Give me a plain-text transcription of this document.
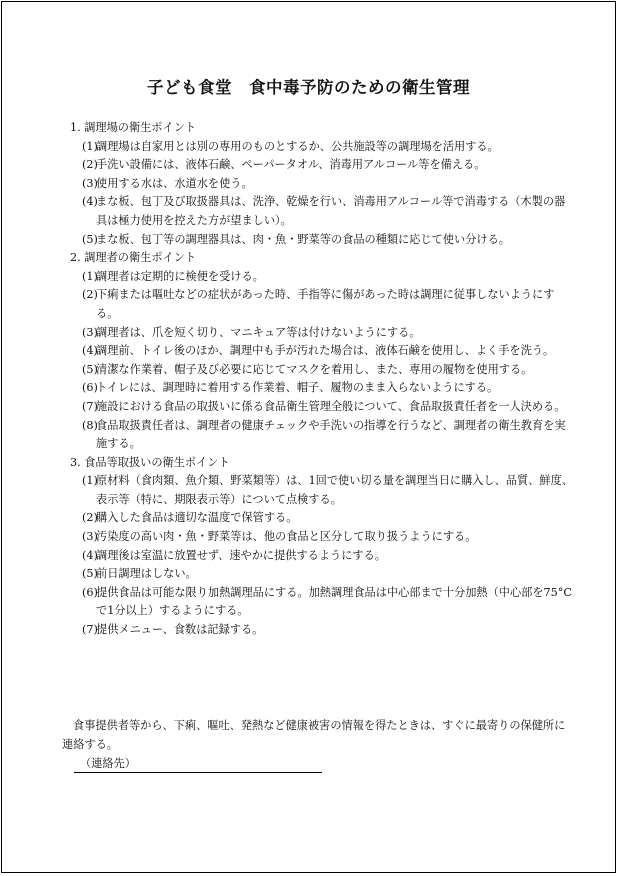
子ども食堂　食中毒予防のための衛生管理
1. 調理場の衛生ポイント
(1)
調理場は自家用とは別の専用のものとするか、公共施設等の調理場を活用する。
(2)
手洗い設備には、液体石鹸、ペーパータオル、消毒用アルコール等を備える。
(3)
使用する水は、水道水を使う。
(4)
まな板、包丁及び取扱器具は、洗浄、乾燥を行い、消毒用アルコール等で消毒する（木製の器具は極力使用を控えた方が望ましい）。
(5)
まな板、包丁等の調理器具は、肉・魚・野菜等の食品の種類に応じて使い分ける。
2. 調理者の衛生ポイント
(1)
調理者は定期的に検便を受ける。
(2)
下痢または嘔吐などの症状があった時、手指等に傷があった時は調理に従事しないようにする。
(3)
調理者は、爪を短く切り、マニキュア等は付けないようにする。
(4)
調理前、トイレ後のほか、調理中も手が汚れた場合は、液体石鹸を使用し、よく手を洗う。
(5)
清潔な作業着、帽子及び必要に応じてマスクを着用し、また、専用の履物を使用する。
(6)
トイレには、調理時に着用する作業着、帽子、履物のまま入らないようにする。
(7)
施設における食品の取扱いに係る食品衛生管理全般について、食品取扱責任者を一人決める。
(8)
食品取扱責任者は、調理者の健康チェックや手洗いの指導を行うなど、調理者の衛生教育を実施する。
3. 食品等取扱いの衛生ポイント
(1)
原材料（食肉類、魚介類、野菜類等）は、1回で使い切る量を調理当日に購入し、品質、鮮度、表示等（特に、期限表示等）について点検する。
(2)
購入した食品は適切な温度で保管する。
(3)
汚染度の高い肉・魚・野菜等は、他の食品と区分して取り扱うようにする。
(4)
調理後は室温に放置せず、速やかに提供するようにする。
(5)
前日調理はしない。
(6)
提供食品は可能な限り加熱調理品にする。加熱調理食品は中心部まで十分加熱（中心部を75°C で1分以上）するようにする。
(7)
提供メニュー、食数は記録する。
食事提供者等から、下痢、嘔吐、発熱など健康被害の情報を得たときは、すぐに最寄りの保健所に連絡する。
（連絡先）
